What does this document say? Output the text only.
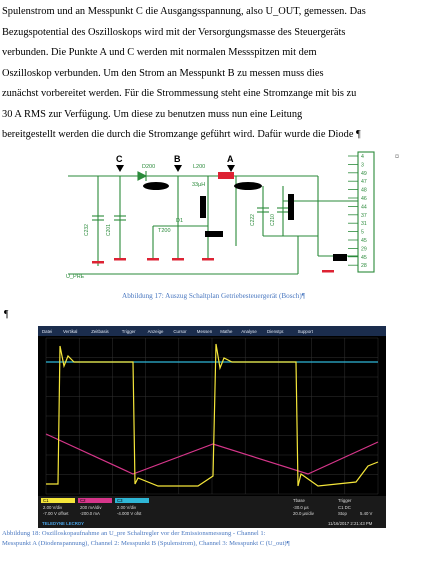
Spulenstrom und an Messpunkt C die Ausgangsspannung, also U_OUT, gemessen. Das
Bezugspotential des Oszilloskops wird mit der Versorgungsmasse des Steuergeräts
verbunden. Die Punkte A und C werden mit normalen Messspitzen mit dem
Oszilloskop verbunden. Um den Strom an Messpunkt B zu messen muss dies
zunächst vorbereitet werden. Für die Strommessung steht eine Stromzange mit bis zu
30 A RMS zur Verfügung. Um diese zu benutzen muss nun eine Leitung
bereitgestellt werden die durch die Stromzange geführt wird. Dafür wurde die Diode ¶
C	B	A
D200	L200
33µH
T200
D1
U_PRE
C232	C201
C222	C210
4
3
49
47
48
46
44
37
31
5
45
29
45
28
¤
Abbildung 17: Auszug Schaltplan Getriebesteuergerät (Bosch)¶
¶
Datei Vertikal	Zeitbasis	Trigger	Anzeige Cursor Messen Mathe Analyse Dienstpr.	Support
C1
2.00 V/div
-7.00 V offset
C2
200 mA/div
-200.0 mA
C3
2.00 V/div
-4.000 V ofst
Tbase
-30.0 µs
20.0 µs/div
Trigger
C1 DC
Stop	5.40 V
TELEDYNE LECROY	11/16/2017 2:21:43 PM
Abbildung 18: Oszilloskopaufnahme an U_pre Schaltregler vor der Emissionsmessung - Channel 1:
Messpunkt A (Diodenspannung), Channel 2: Messpunkt B (Spulenstrom), Channel 3: Messpunkt C (U_out)¶
